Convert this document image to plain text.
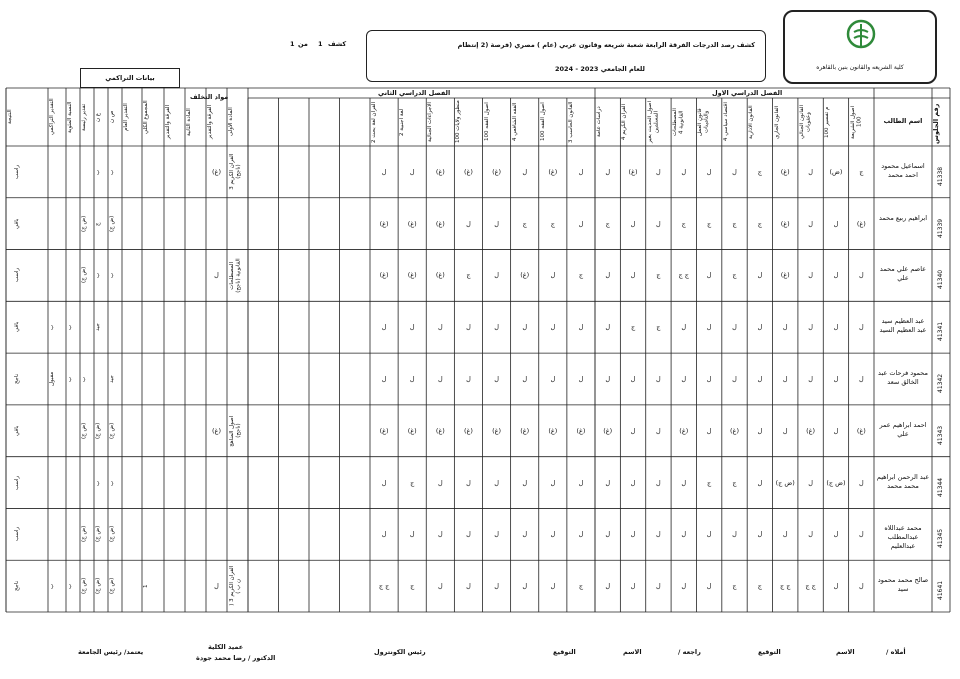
كلية الشريعه والقانون بنين بالقاهره
كشف رصد الدرجات الفرقة الرابعة شعبة شريعه وقانون عربي (عام ) مصري (فرصة (2 إنتظام
للعام الجامعي 2023 - 2024
كشف
1
من
1
بيانات التراكمي
الفصل الدراسي الاول
الفصل الدراسي الثاني
مواد التخلف
رقم الجلوس
اسم الطالب
اصول الشريعة 100
م تفسير 100
القانون الجنائي وعقوبات
القانون الجاري
القانون الادارية
اقتصاد سياسي 4
قانون العمل والتأمينات
المصطلحات القانونية 4
اصول الحديث بغير المسلمين
القرآن الكريم 4
دراسات عامة
القانون الحاسب 3
اصول الفقه 100
الفقه الشافعي 4
اصول الفقه 100
منظور ولايات 100
الاجراءات الجنائية
لغة اجنبية 2
القرآن لغة بحث 2
المادة الاولى
الفرقة والتقدير
المادة الثانية
الفرقة والتقدير
المجموع الكلي
التقدير العام
ص ن
ع ن
تقدير رئيسة
النسبة المئوية
التقدير التراكمي
النتيجة
41338
اسماعيل محمود احمد محمد
ج
(ض)
ل
(غ)
ج
ل
ل
ل
ل
(غ)
ل
ل
(غ)
ل
(غ)
(غ)
(غ)
ل
ل
القرآن الكريم 3 (ناجح)
(غ)
ب
ب
راسب
41339
ابراهيم ربيع محمد
(غ)
ل
ل
(غ)
ج
ج
ج
ج
ل
ل
ج
ل
ج
ج
ل
ل
(غ)
(غ)
(غ)
(ض ج)
ج
(ض ج)
باقي
41340
عاصم علي محمد علي
ل
ل
ل
(غ)
ل
ج
ل
ج ج
ج
ل
ل
ج
ل
(غ)
ل
ج
(غ)
(غ)
(غ)
المصطلحات القانونية (ناجح)
ل
ب
ب
(ض ج)
راسب
41341
عبد العظيم سيد عبد العظيم السيد
ل
ل
ل
ل
ل
ل
ل
ل
ج
ج
ل
ل
ل
ل
ل
ل
ل
ل
ل
جيد
ب
ب
باقي
41342
محمود فرحات عبد الخالق سعد
ل
ل
ل
ل
ل
ل
ل
ل
ل
ل
ل
ل
ل
ل
ل
ل
ل
ل
ل
جيد
ب
ب
مقبول
ناجح
41343
احمد ابراهيم عمر علي
(غ)
ل
(غ)
ل
ل
(غ)
ل
(غ)
ل
ل
(غ)
(غ)
(غ)
(غ)
(غ)
(غ)
(غ)
(غ)
(غ)
اصول المناهج (ناجح)
(غ)
(ض ج)
(ض ج)
(ض ج)
باقي
41344
عبد الرحمن ابراهيم محمد محمد
ل
(ض ج)
ل
(ض ج)
ل
ج
ج
ل
ل
ل
ل
ل
ل
ل
ل
ل
ل
ج
ل
ب
ب
راسب
41345
محمد عبداللاه عبدالمطلب عبدالعليم
ل
ل
ل
ل
ل
ل
ل
ل
ل
ل
ل
ل
ل
ل
ل
ل
ل
ل
ل
(ض ج)
(ض ج)
(ض ج)
راسب
41641
صالح محمد محمود سيد
ل
ل
ج ج
ج ج
ج
ج
ل
ل
ل
ل
ل
ج
ل
ل
ل
ل
ل
ج
ج ج
القرآن الكريم 3 ( ن ب )
ل
1
(ض ج)
(ض ج)
(ض ج)
ب
ب
ناجح
أملاه /
الاسم
التوقيع
راجعه /
الاسم
التوقيع
رئيس الكونترول
عميد الكلية
الدكتور / رضا محمد جودة
يعتمد/ رئيس الجامعة
